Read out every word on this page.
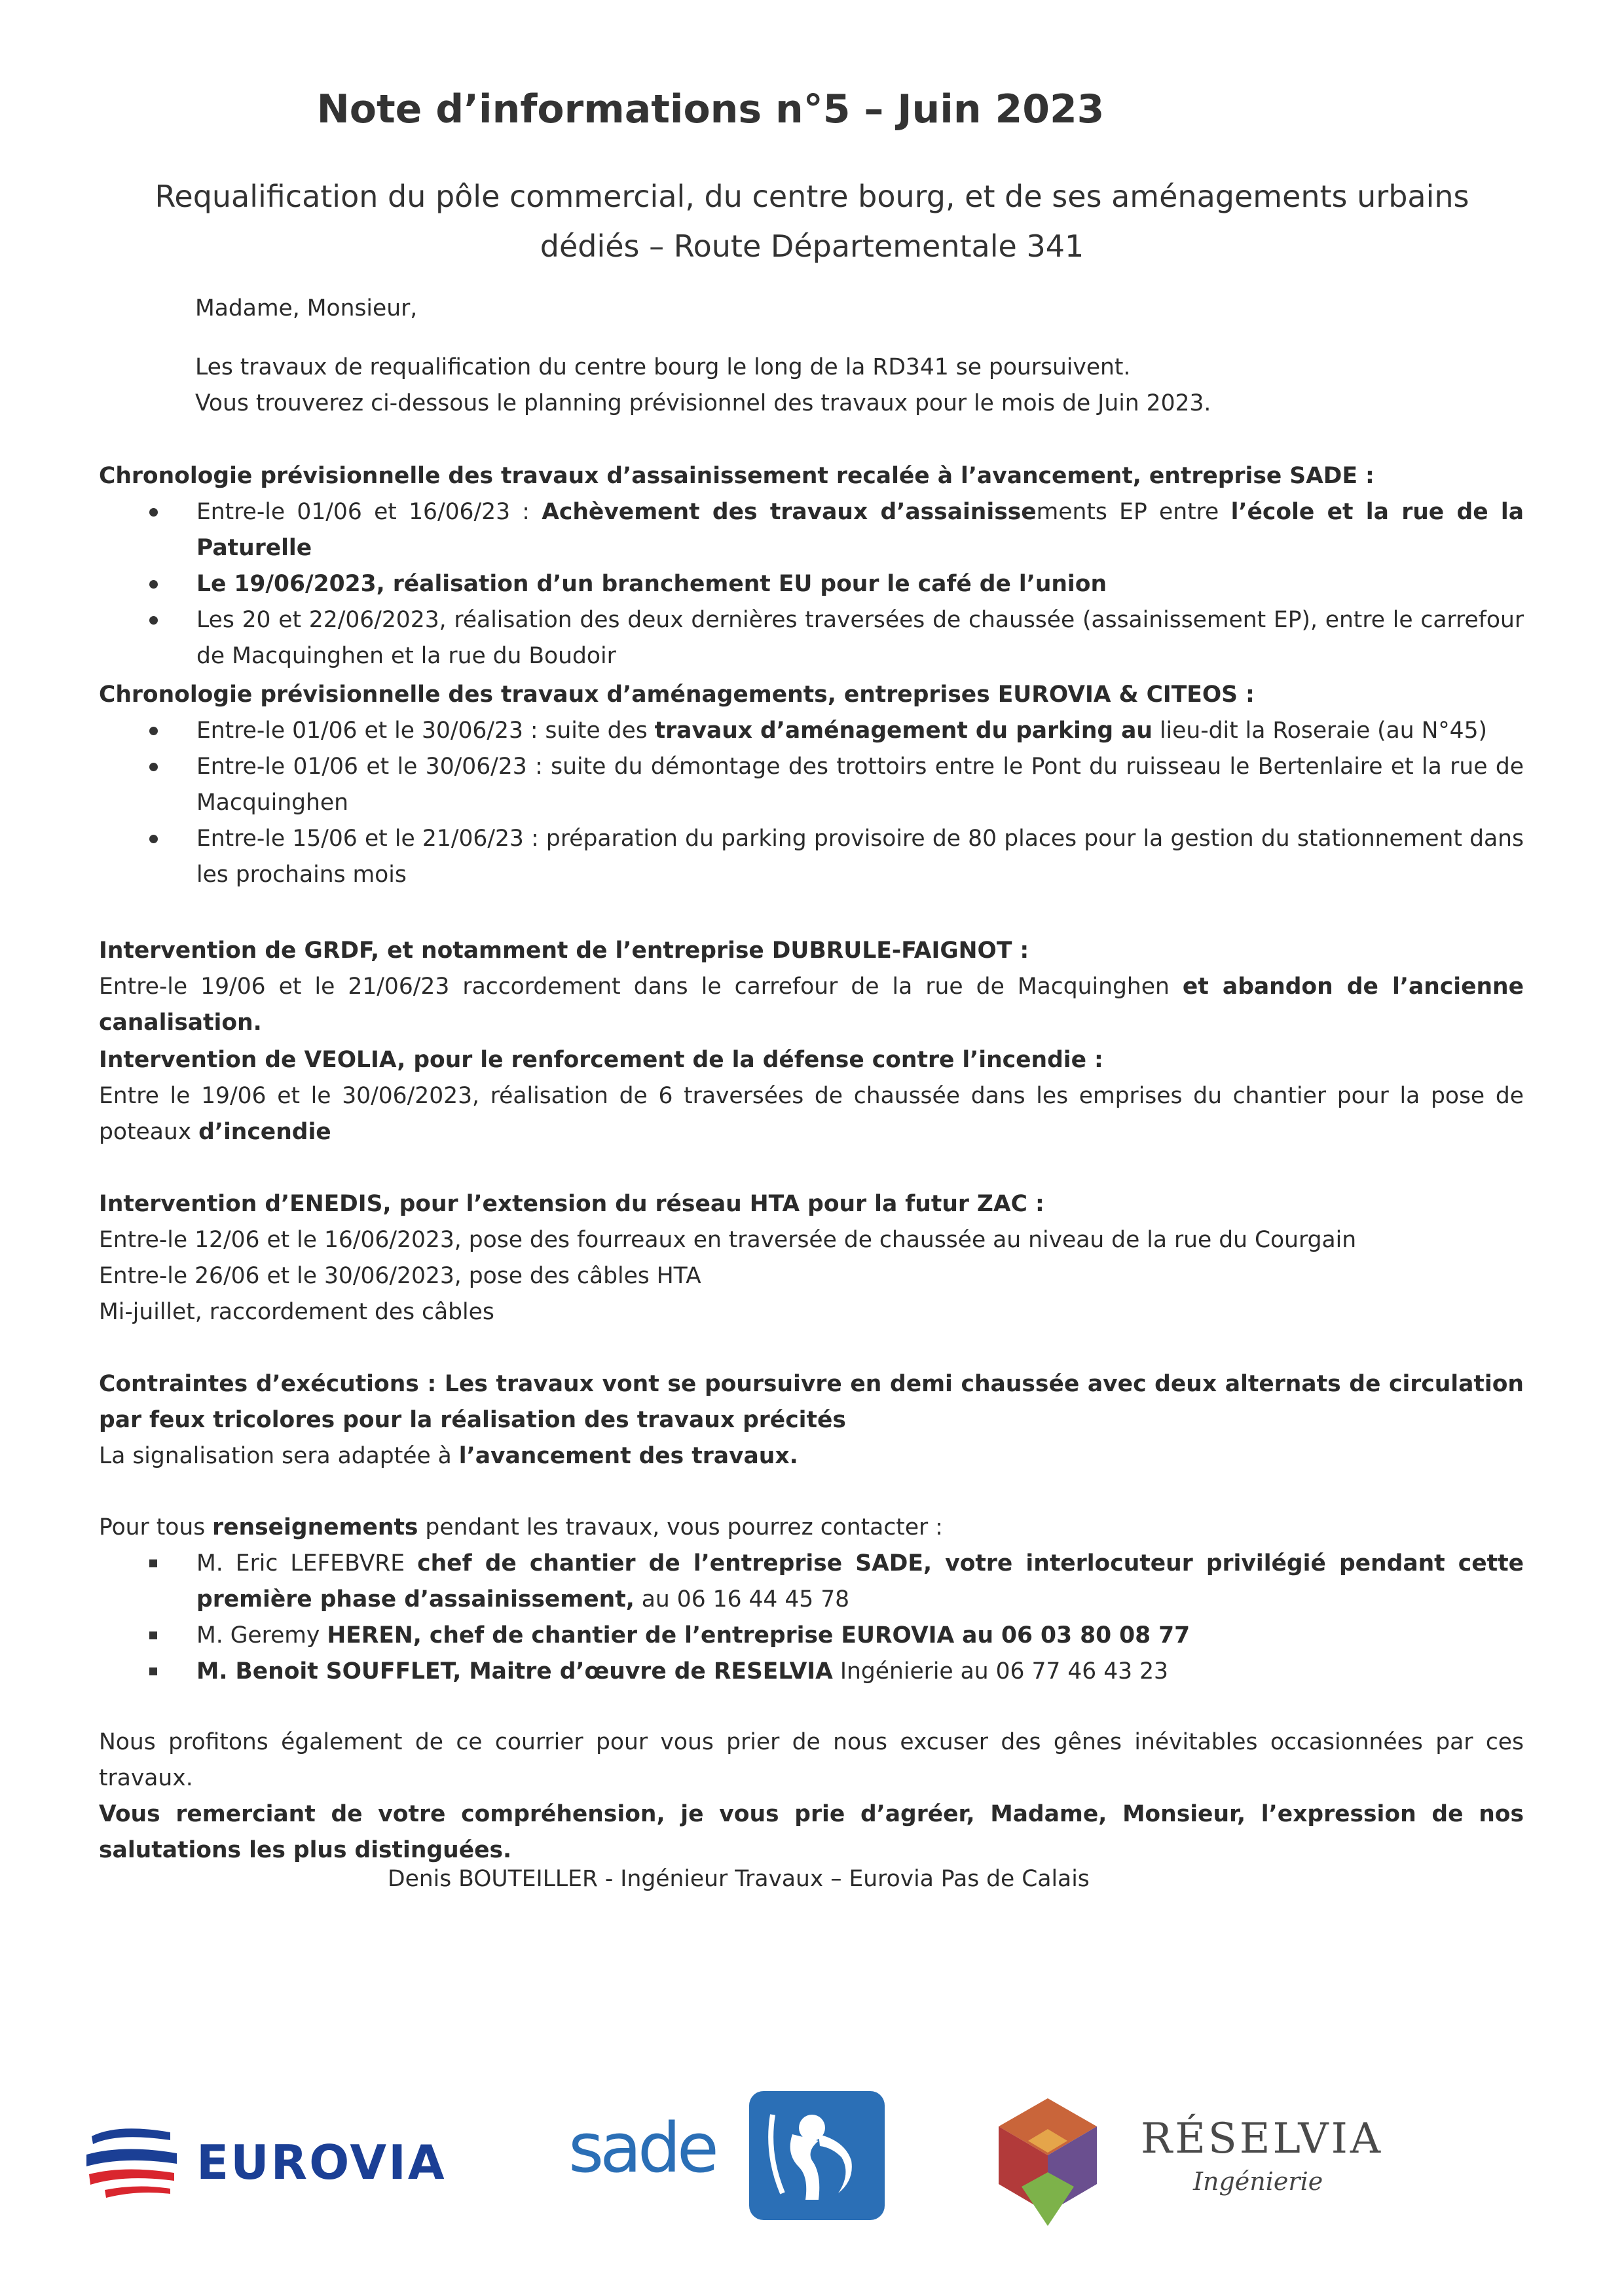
Note d’informations n°5 – Juin 2023
Requalification du pôle commercial, du centre bourg, et de ses aménagements urbains
dédiés – Route Départementale 341
Madame, Monsieur,
Les travaux de requalification du centre bourg le long de la RD341 se poursuivent.
Vous trouverez ci-dessous le planning prévisionnel des travaux pour le mois de Juin 2023.
Chronologie prévisionnelle des travaux d’assainissement recalée à l’avancement, entreprise SADE :
Entre-le 01/06 et 16/06/23 : Achèvement des travaux d’assainissements EP entre l’école et la rue de la Paturelle
Le 19/06/2023, réalisation d’un branchement EU pour le café de l’union
Les 20 et 22/06/2023, réalisation des deux dernières traversées de chaussée (assainissement EP), entre le carrefour de Macquinghen et la rue du Boudoir
Chronologie prévisionnelle des travaux d’aménagements, entreprises EUROVIA & CITEOS :
Entre-le 01/06 et le 30/06/23 : suite des travaux d’aménagement du parking au lieu-dit la Roseraie (au N°45)
Entre-le 01/06 et le 30/06/23 : suite du démontage des trottoirs entre le Pont du ruisseau le Bertenlaire et la rue de Macquinghen
Entre-le 15/06 et le 21/06/23 : préparation du parking provisoire de 80 places pour la gestion du stationnement dans les prochains mois
Intervention de GRDF, et notamment de l’entreprise DUBRULE-FAIGNOT :
Entre-le 19/06 et le 21/06/23 raccordement dans le carrefour de la rue de Macquinghen et abandon de l’ancienne canalisation.
Intervention de VEOLIA, pour le renforcement de la défense contre l’incendie :
Entre le 19/06 et le 30/06/2023, réalisation de 6 traversées de chaussée dans les emprises du chantier pour la pose de poteaux d’incendie
Intervention d’ENEDIS, pour l’extension du réseau HTA pour la futur ZAC :
Entre-le 12/06 et le 16/06/2023, pose des fourreaux en traversée de chaussée au niveau de la rue du Courgain
Entre-le 26/06 et le 30/06/2023, pose des câbles HTA
Mi-juillet, raccordement des câbles
Contraintes d’exécutions : Les travaux vont se poursuivre en demi chaussée avec deux alternats de circulation par feux tricolores pour la réalisation des travaux précités
La signalisation sera adaptée à l’avancement des travaux.
Pour tous renseignements pendant les travaux, vous pourrez contacter :
M. Eric LEFEBVRE chef de chantier de l’entreprise SADE, votre interlocuteur privilégié pendant cette première phase d’assainissement, au 06 16 44 45 78
M. Geremy HEREN, chef de chantier de l’entreprise EUROVIA au 06 03 80 08 77
M. Benoit SOUFFLET, Maitre d’œuvre de RESELVIA Ingénierie au 06 77 46 43 23
Nous profitons également de ce courrier pour vous prier de nous excuser des gênes inévitables occasionnées par ces travaux.
Vous remerciant de votre compréhension, je vous prie d’agréer, Madame, Monsieur, l’expression de nos salutations les plus distinguées.
Denis BOUTEILLER - Ingénieur Travaux – Eurovia Pas de Calais
EUROVIA sade	RÉSELVIA
Ingénierie
